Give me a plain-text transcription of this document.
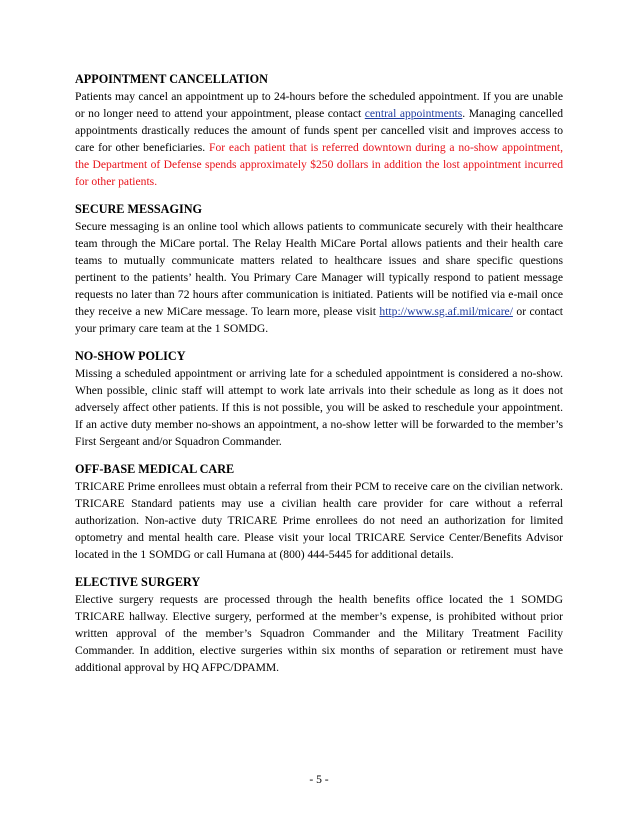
APPOINTMENT CANCELLATION

Patients may cancel an appointment up to 24-hours before the scheduled appointment. If you are unable or no longer need to attend your appointment, please contact central appointments. Managing cancelled appointments drastically reduces the amount of funds spent per cancelled visit and improves access to care for other beneficiaries. For each patient that is referred downtown during a no-show appointment, the Department of Defense spends approximately $250 dollars in addition the lost appointment incurred for other patients.

SECURE MESSAGING

Secure messaging is an online tool which allows patients to communicate securely with their healthcare team through the MiCare portal. The Relay Health MiCare Portal allows patients and their health care teams to mutually communicate matters related to healthcare issues and share specific questions pertinent to the patients’ health. You Primary Care Manager will typically respond to patient message requests no later than 72 hours after communication is initiated. Patients will be notified via e-mail once they receive a new MiCare message. To learn more, please visit http://www.sg.af.mil/micare/ or contact your primary care team at the 1 SOMDG.

NO-SHOW POLICY

Missing a scheduled appointment or arriving late for a scheduled appointment is considered a no-show. When possible, clinic staff will attempt to work late arrivals into their schedule as long as it does not adversely affect other patients. If this is not possible, you will be asked to reschedule your appointment. If an active duty member no-shows an appointment, a no-show letter will be forwarded to the member’s First Sergeant and/or Squadron Commander.

OFF-BASE MEDICAL CARE

TRICARE Prime enrollees must obtain a referral from their PCM to receive care on the civilian network. TRICARE Standard patients may use a civilian health care provider for care without a referral authorization. Non-active duty TRICARE Prime enrollees do not need an authorization for limited optometry and mental health care. Please visit your local TRICARE Service Center/Benefits Advisor located in the 1 SOMDG or call Humana at (800) 444-5445 for additional details.

ELECTIVE SURGERY

Elective surgery requests are processed through the health benefits office located the 1 SOMDG TRICARE hallway. Elective surgery, performed at the member’s expense, is prohibited without prior written approval of the member’s Squadron Commander and the Military Treatment Facility Commander. In addition, elective surgeries within six months of separation or retirement must have additional approval by HQ AFPC/DPAMM.

- 5 -
